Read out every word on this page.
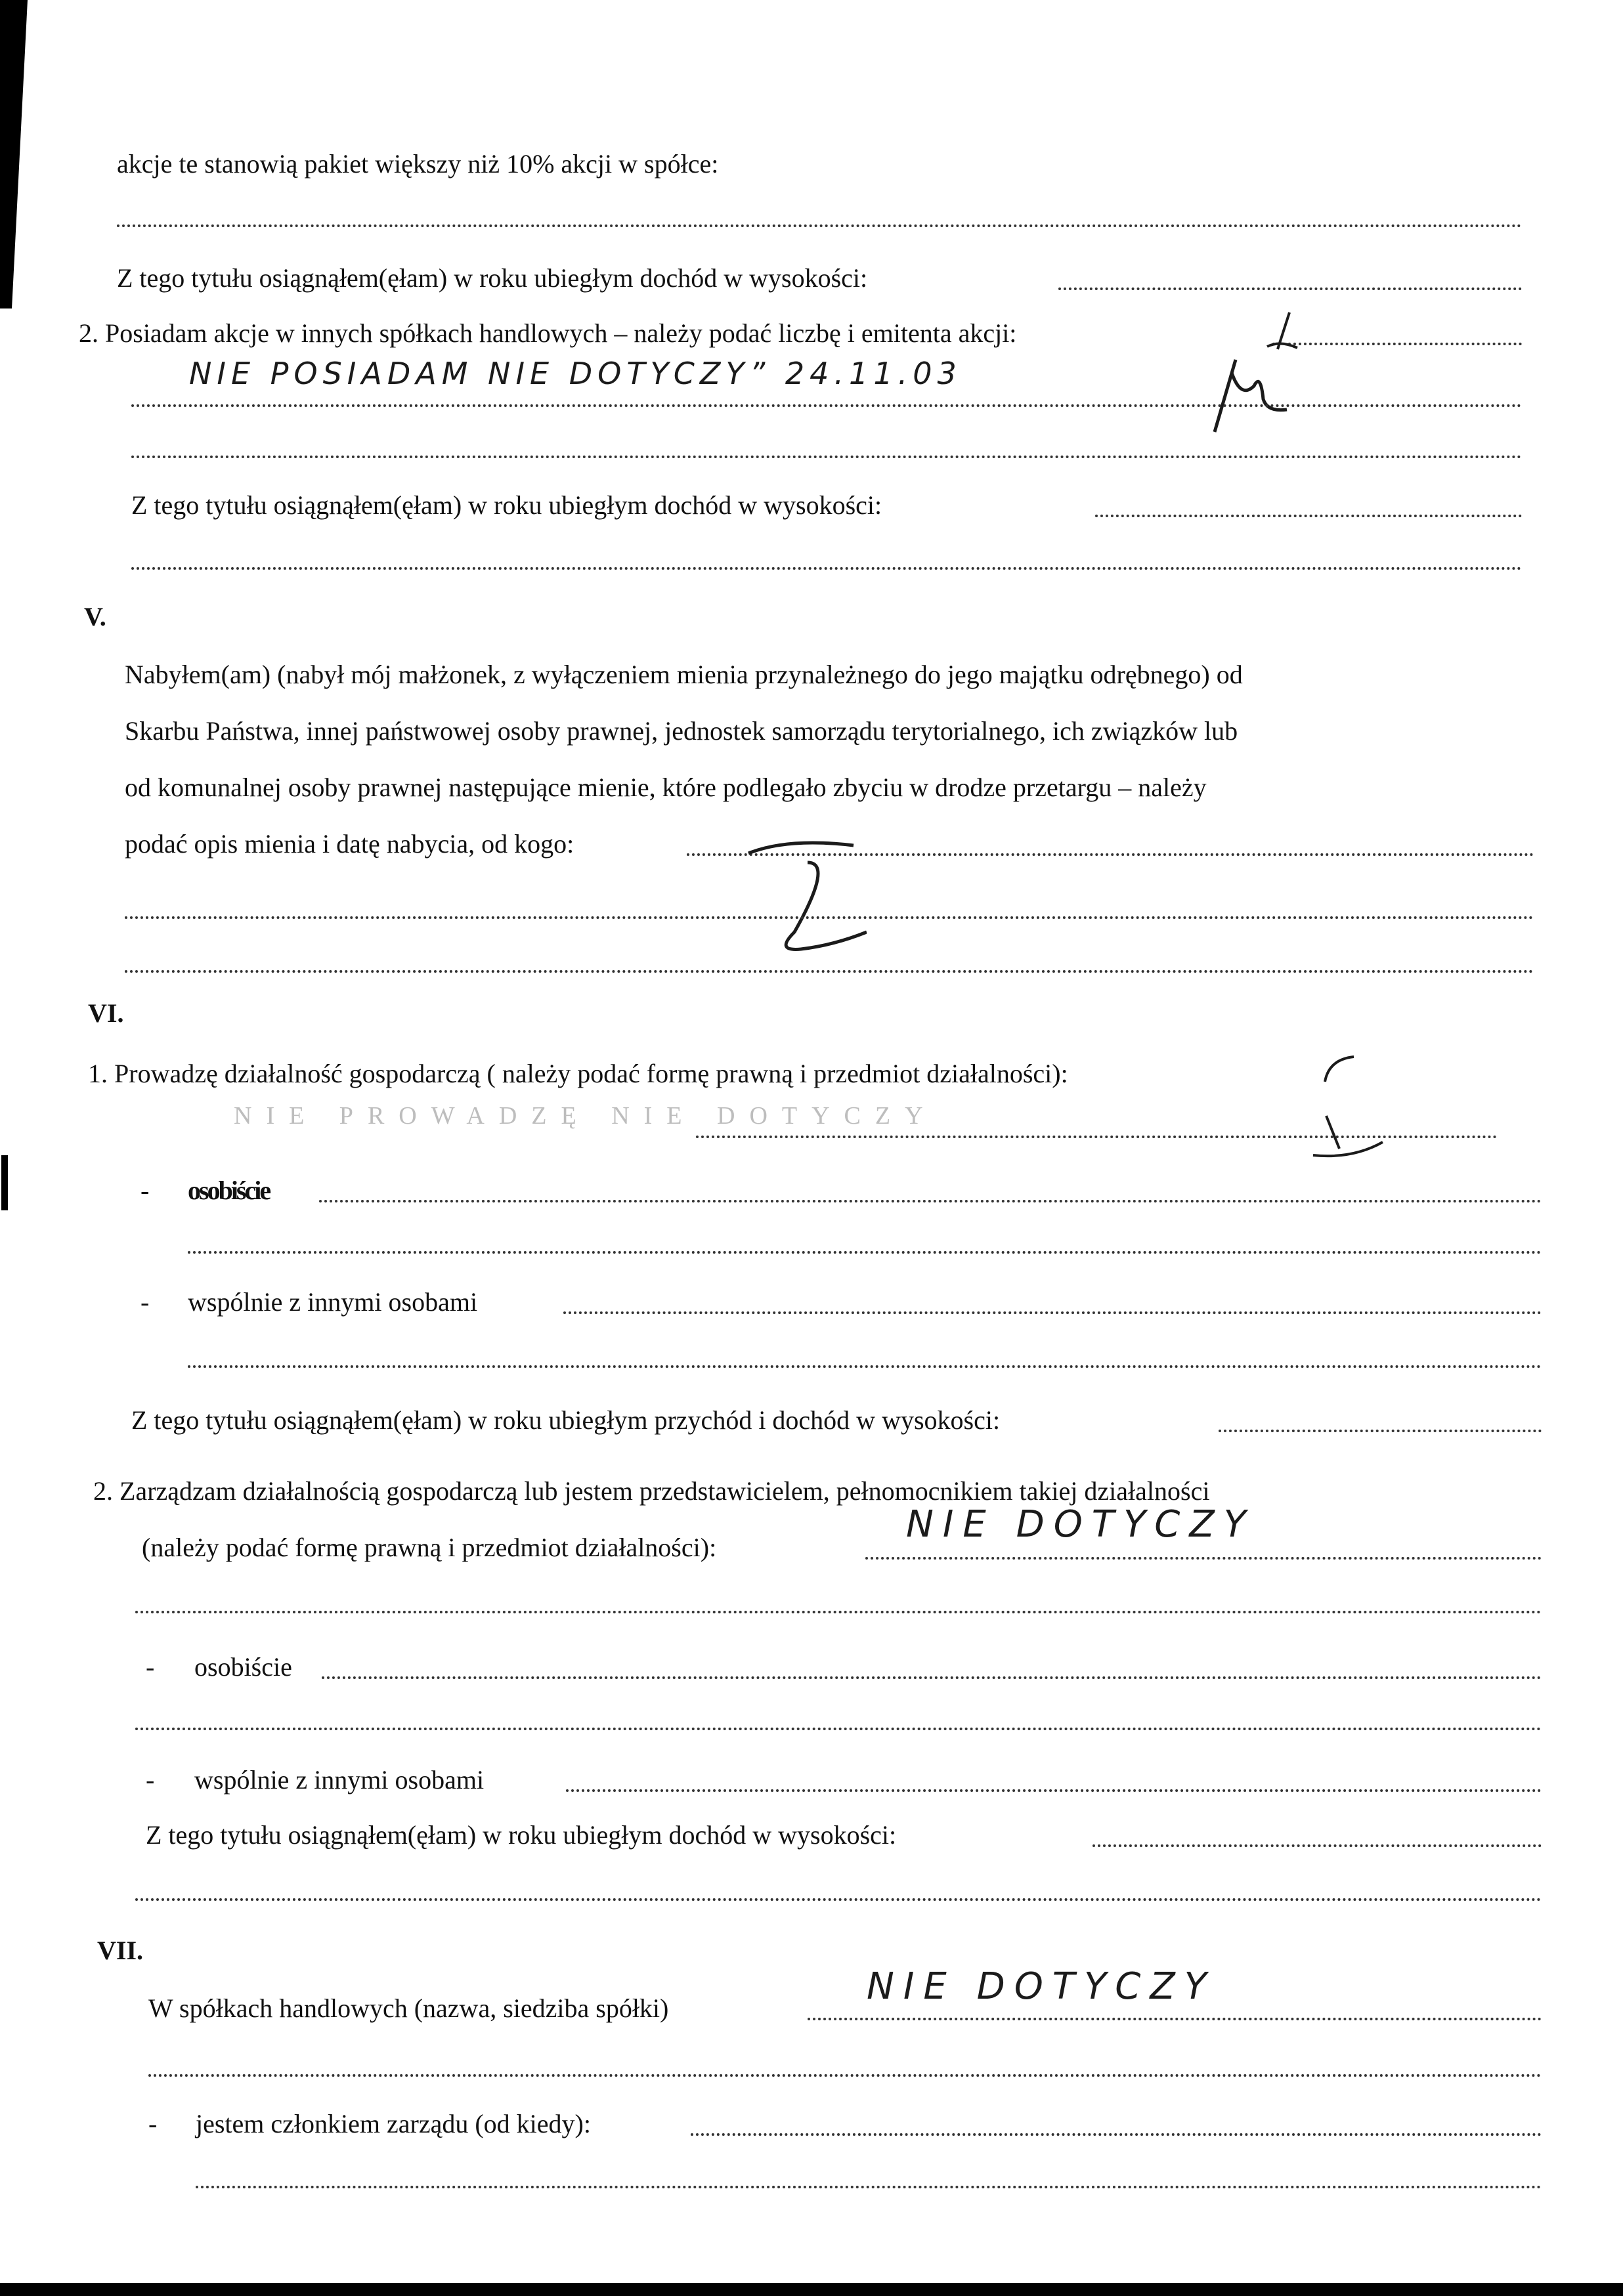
akcje te stanowią pakiet większy niż 10% akcji w spółce:
Z tego tytułu osiągnąłem(ęłam) w roku ubiegłym dochód w wysokości:
2. Posiadam akcje w innych spółkach handlowych – należy podać liczbę i emitenta akcji:
NIE POSIADAM NIE DOTYCZY” 24.11.03
Z tego tytułu osiągnąłem(ęłam) w roku ubiegłym dochód w wysokości:
V.
Nabyłem(am) (nabył mój małżonek, z wyłączeniem mienia przynależnego do jego majątku odrębnego) od
Skarbu Państwa, innej państwowej osoby prawnej, jednostek samorządu terytorialnego, ich związków lub
od komunalnej osoby prawnej następujące mienie, które podlegało zbyciu w drodze przetargu – należy
podać opis mienia i datę nabycia, od kogo:
VI.
1. Prowadzę działalność gospodarczą ( należy podać formę prawną i przedmiot działalności):
NIE PROWADZĘ NIE DOTYCZY
- osobiście
- wspólnie z innymi osobami
Z tego tytułu osiągnąłem(ęłam) w roku ubiegłym przychód i dochód w wysokości:
2. Zarządzam działalnością gospodarczą lub jestem przedstawicielem, pełnomocnikiem takiej działalności
(należy podać formę prawną i przedmiot działalności):
NIE DOTYCZY
- osobiście
- wspólnie z innymi osobami
Z tego tytułu osiągnąłem(ęłam) w roku ubiegłym dochód w wysokości:
VII.
W spółkach handlowych (nazwa, siedziba spółki)
NIE DOTYCZY
- jestem członkiem zarządu (od kiedy):
